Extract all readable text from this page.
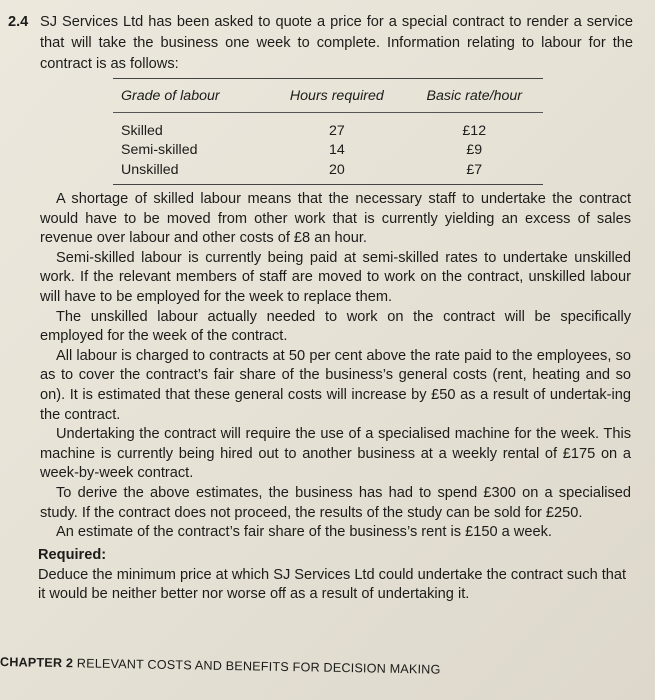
2.4 SJ Services Ltd has been asked to quote a price for a special contract to render a service that will take the business one week to complete. Information relating to labour for the contract is as follows:
Grade of labour	Hours required	Basic rate/hour
Skilled	27	£12
Semi-skilled	14	£9
Unskilled	20	£7

A shortage of skilled labour means that the necessary staff to undertake the contract would have to be moved from other work that is currently yielding an excess of sales revenue over labour and other costs of £8 an hour.

Semi-skilled labour is currently being paid at semi-skilled rates to undertake unskilled work. If the relevant members of staff are moved to work on the contract, unskilled labour will have to be employed for the week to replace them.

The unskilled labour actually needed to work on the contract will be specifically employed for the week of the contract.

All labour is charged to contracts at 50 per cent above the rate paid to the employees, so as to cover the contract’s fair share of the business’s general costs (rent, heating and so on). It is estimated that these general costs will increase by £50 as a result of undertak-ing the contract.

Undertaking the contract will require the use of a specialised machine for the week. This machine is currently being hired out to another business at a weekly rental of £175 on a week-by-week contract.

To derive the above estimates, the business has had to spend £300 on a specialised study. If the contract does not proceed, the results of the study can be sold for £250.

An estimate of the contract’s fair share of the business’s rent is £150 a week.

Required:

Deduce the minimum price at which SJ Services Ltd could undertake the contract such that it would be neither better nor worse off as a result of undertaking it.

CHAPTER 2 RELEVANT COSTS AND BENEFITS FOR DECISION MAKING
